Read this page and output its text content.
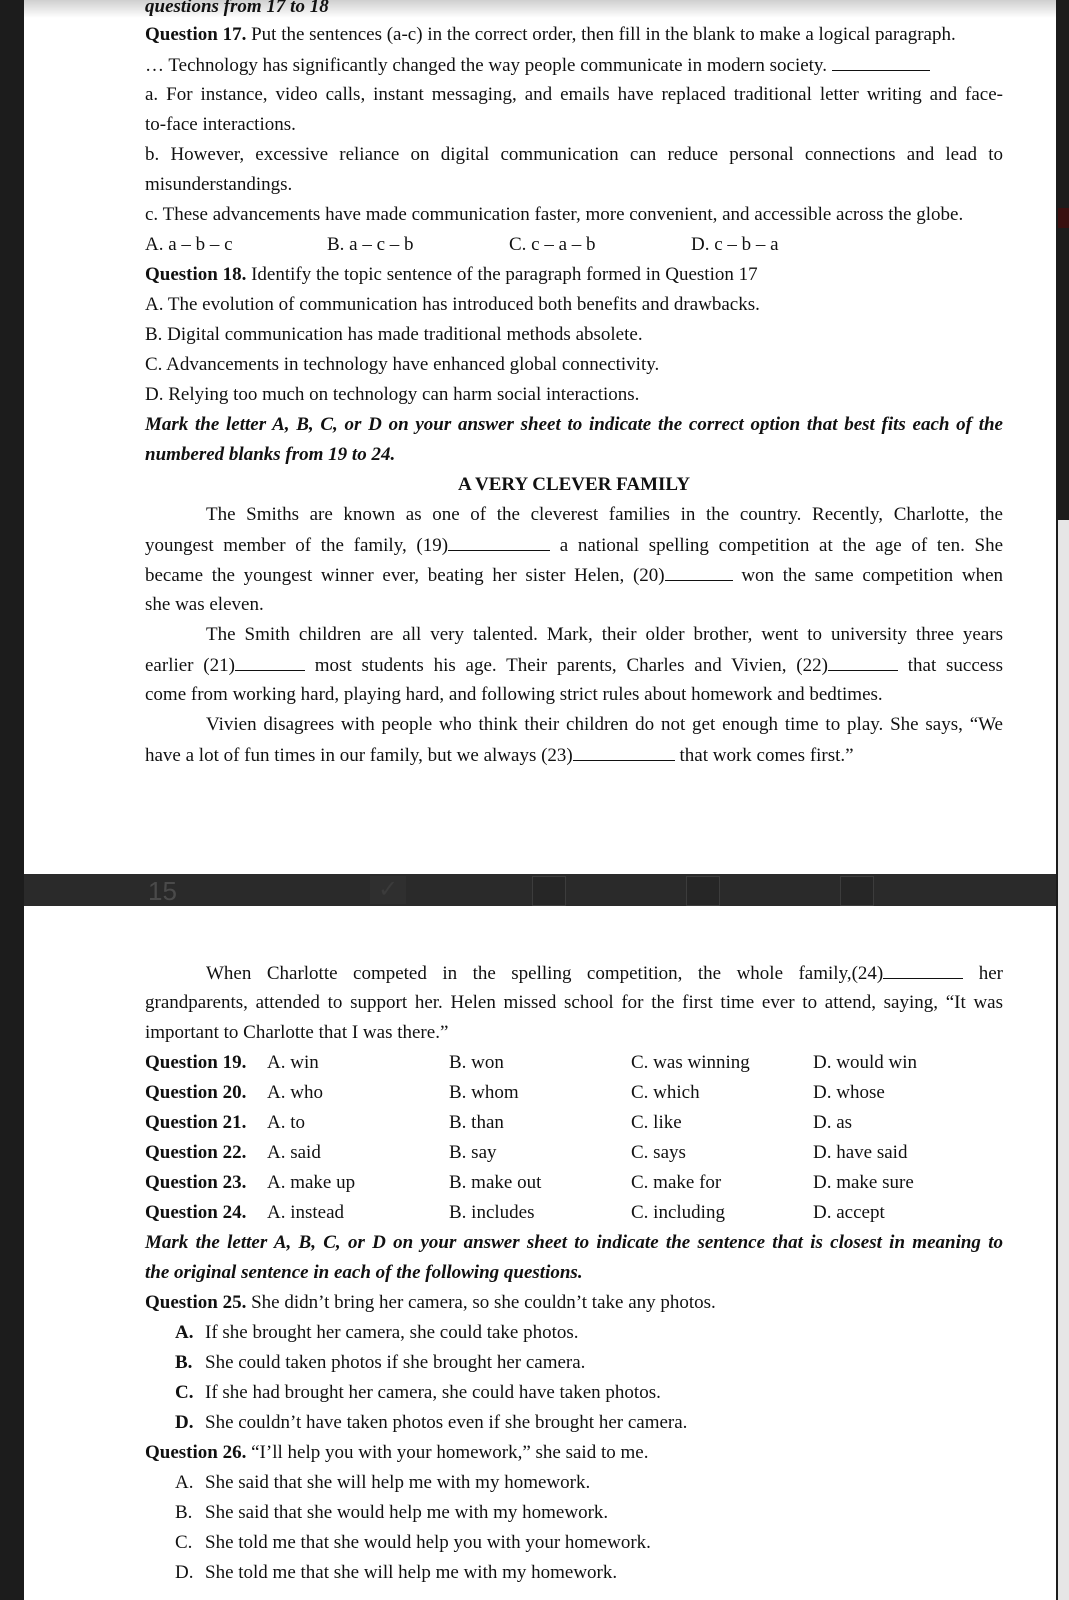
15	✓
questions from 17 to 18
Question 17. Put the sentences (a-c) in the correct order, then fill in the blank to make a logical paragraph.
… Technology has significantly changed the way people communicate in modern society.
a. For instance, video calls, instant messaging, and emails have replaced traditional letter writing and face-
to-face interactions.
b. However, excessive reliance on digital communication can reduce personal connections and lead to
misunderstandings.
c. These advancements have made communication faster, more convenient, and accessible across the globe.
A. a – b – c	B. a – c – b	C. c – a – b	D. c – b – a
Question 18. Identify the topic sentence of the paragraph formed in Question 17
A. The evolution of communication has introduced both benefits and drawbacks.
B. Digital communication has made traditional methods absolete.
C. Advancements in technology have enhanced global connectivity.
D. Relying too much on technology can harm social interactions.
Mark the letter A, B, C, or D on your answer sheet to indicate the correct option that best fits each of the
numbered blanks from 19 to 24.
A VERY CLEVER FAMILY
The Smiths are known as one of the cleverest families in the country. Recently, Charlotte, the
youngest member of the family, (19)	a national spelling competition at the age of ten. She
became the youngest winner ever, beating her sister Helen, (20)	won the same competition when
she was eleven.
The Smith children are all very talented. Mark, their older brother, went to university three years
earlier (21)	most students his age. Their parents, Charles and Vivien, (22)	that success
come from working hard, playing hard, and following strict rules about homework and bedtimes.
Vivien disagrees with people who think their children do not get enough time to play. She says, “We
have a lot of fun times in our family, but we always (23)	that work comes first.”
When Charlotte competed in the spelling competition, the whole family,(24)	her
grandparents, attended to support her. Helen missed school for the first time ever to attend, saying, “It was
important to Charlotte that I was there.”
Question 19. A. win	B. won	C. was winning	D. would win
Question 20. A. who	B. whom	C. which	D. whose
Question 21. A. to	B. than	C. like	D. as
Question 22. A. said	B. say	C. says	D. have said
Question 23. A. make up	B. make out	C. make for	D. make sure
Question 24. A. instead	B. includes	C. including	D. accept
Mark the letter A, B, C, or D on your answer sheet to indicate the sentence that is closest in meaning to
the original sentence in each of the following questions.
Question 25. She didn’t bring her camera, so she couldn’t take any photos.
A. If she brought her camera, she could take photos.
B. She could taken photos if she brought her camera.
C. If she had brought her camera, she could have taken photos.
D. She couldn’t have taken photos even if she brought her camera.
Question 26. “I’ll help you with your homework,” she said to me.
A. She said that she will help me with my homework.
B. She said that she would help me with my homework.
C. She told me that she would help you with your homework.
D. She told me that she will help me with my homework.
